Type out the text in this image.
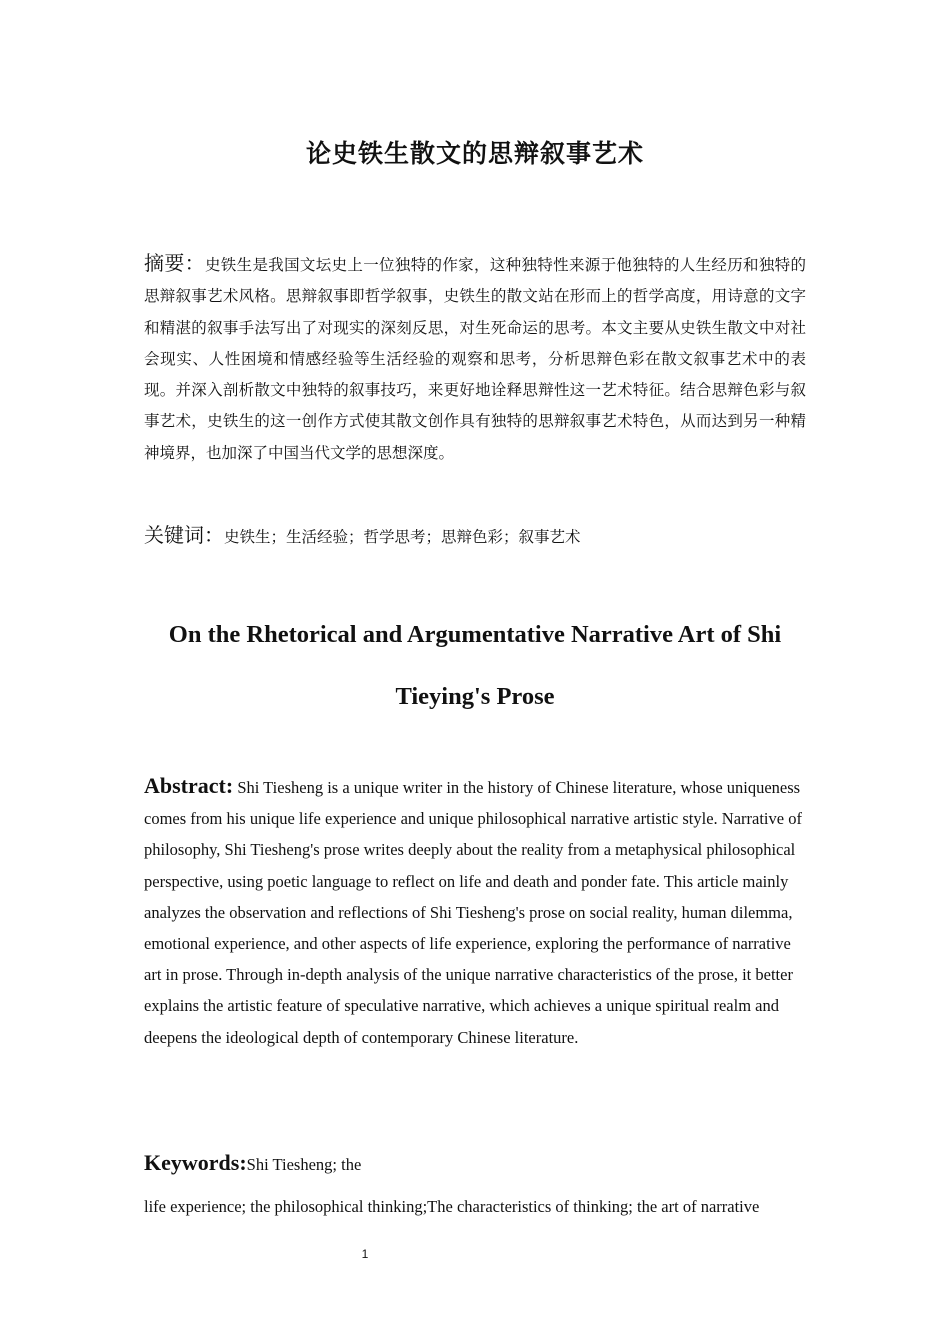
论史铁生散文的思辩叙事艺术
摘要：史铁生是我国文坛史上一位独特的作家，这种独特性来源于他独特的人生经历和独特的思辩叙事艺术风格。思辩叙事即哲学叙事，史铁生的散文站在形而上的哲学高度，用诗意的文字和精湛的叙事手法写出了对现实的深刻反思，对生死命运的思考。本文主要从史铁生散文中对社会现实、人性困境和情感经验等生活经验的观察和思考，分析思辩色彩在散文叙事艺术中的表现。并深入剖析散文中独特的叙事技巧，来更好地诠释思辩性这一艺术特征。结合思辩色彩与叙事艺术，史铁生的这一创作方式使其散文创作具有独特的思辩叙事艺术特色，从而达到另一种精神境界，也加深了中国当代文学的思想深度。
关键词：史铁生；生活经验；哲学思考；思辩色彩；叙事艺术
On the Rhetorical and Argumentative Narrative Art of Shi
Tieying's Prose
Abstract: Shi Tiesheng is a unique writer in the history of Chinese literature, whose uniqueness comes from his unique life experience and unique philosophical narrative artistic style. Narrative of philosophy, Shi Tiesheng's prose writes deeply about the reality from a metaphysical philosophical perspective, using poetic language to reflect on life and death and ponder fate. This article mainly analyzes the observation and reflections of Shi Tiesheng's prose on social reality, human dilemma, emotional experience, and other aspects of life experience, exploring the performance of narrative art in prose. Through in-depth analysis of the unique narrative characteristics of the prose, it better explains the artistic feature of speculative narrative, which achieves a unique spiritual realm and deepens the ideological depth of contemporary Chinese literature.
Keywords:Shi Tiesheng; the
life experience; the philosophical thinking;The characteristics of thinking; the art of narrative
1
